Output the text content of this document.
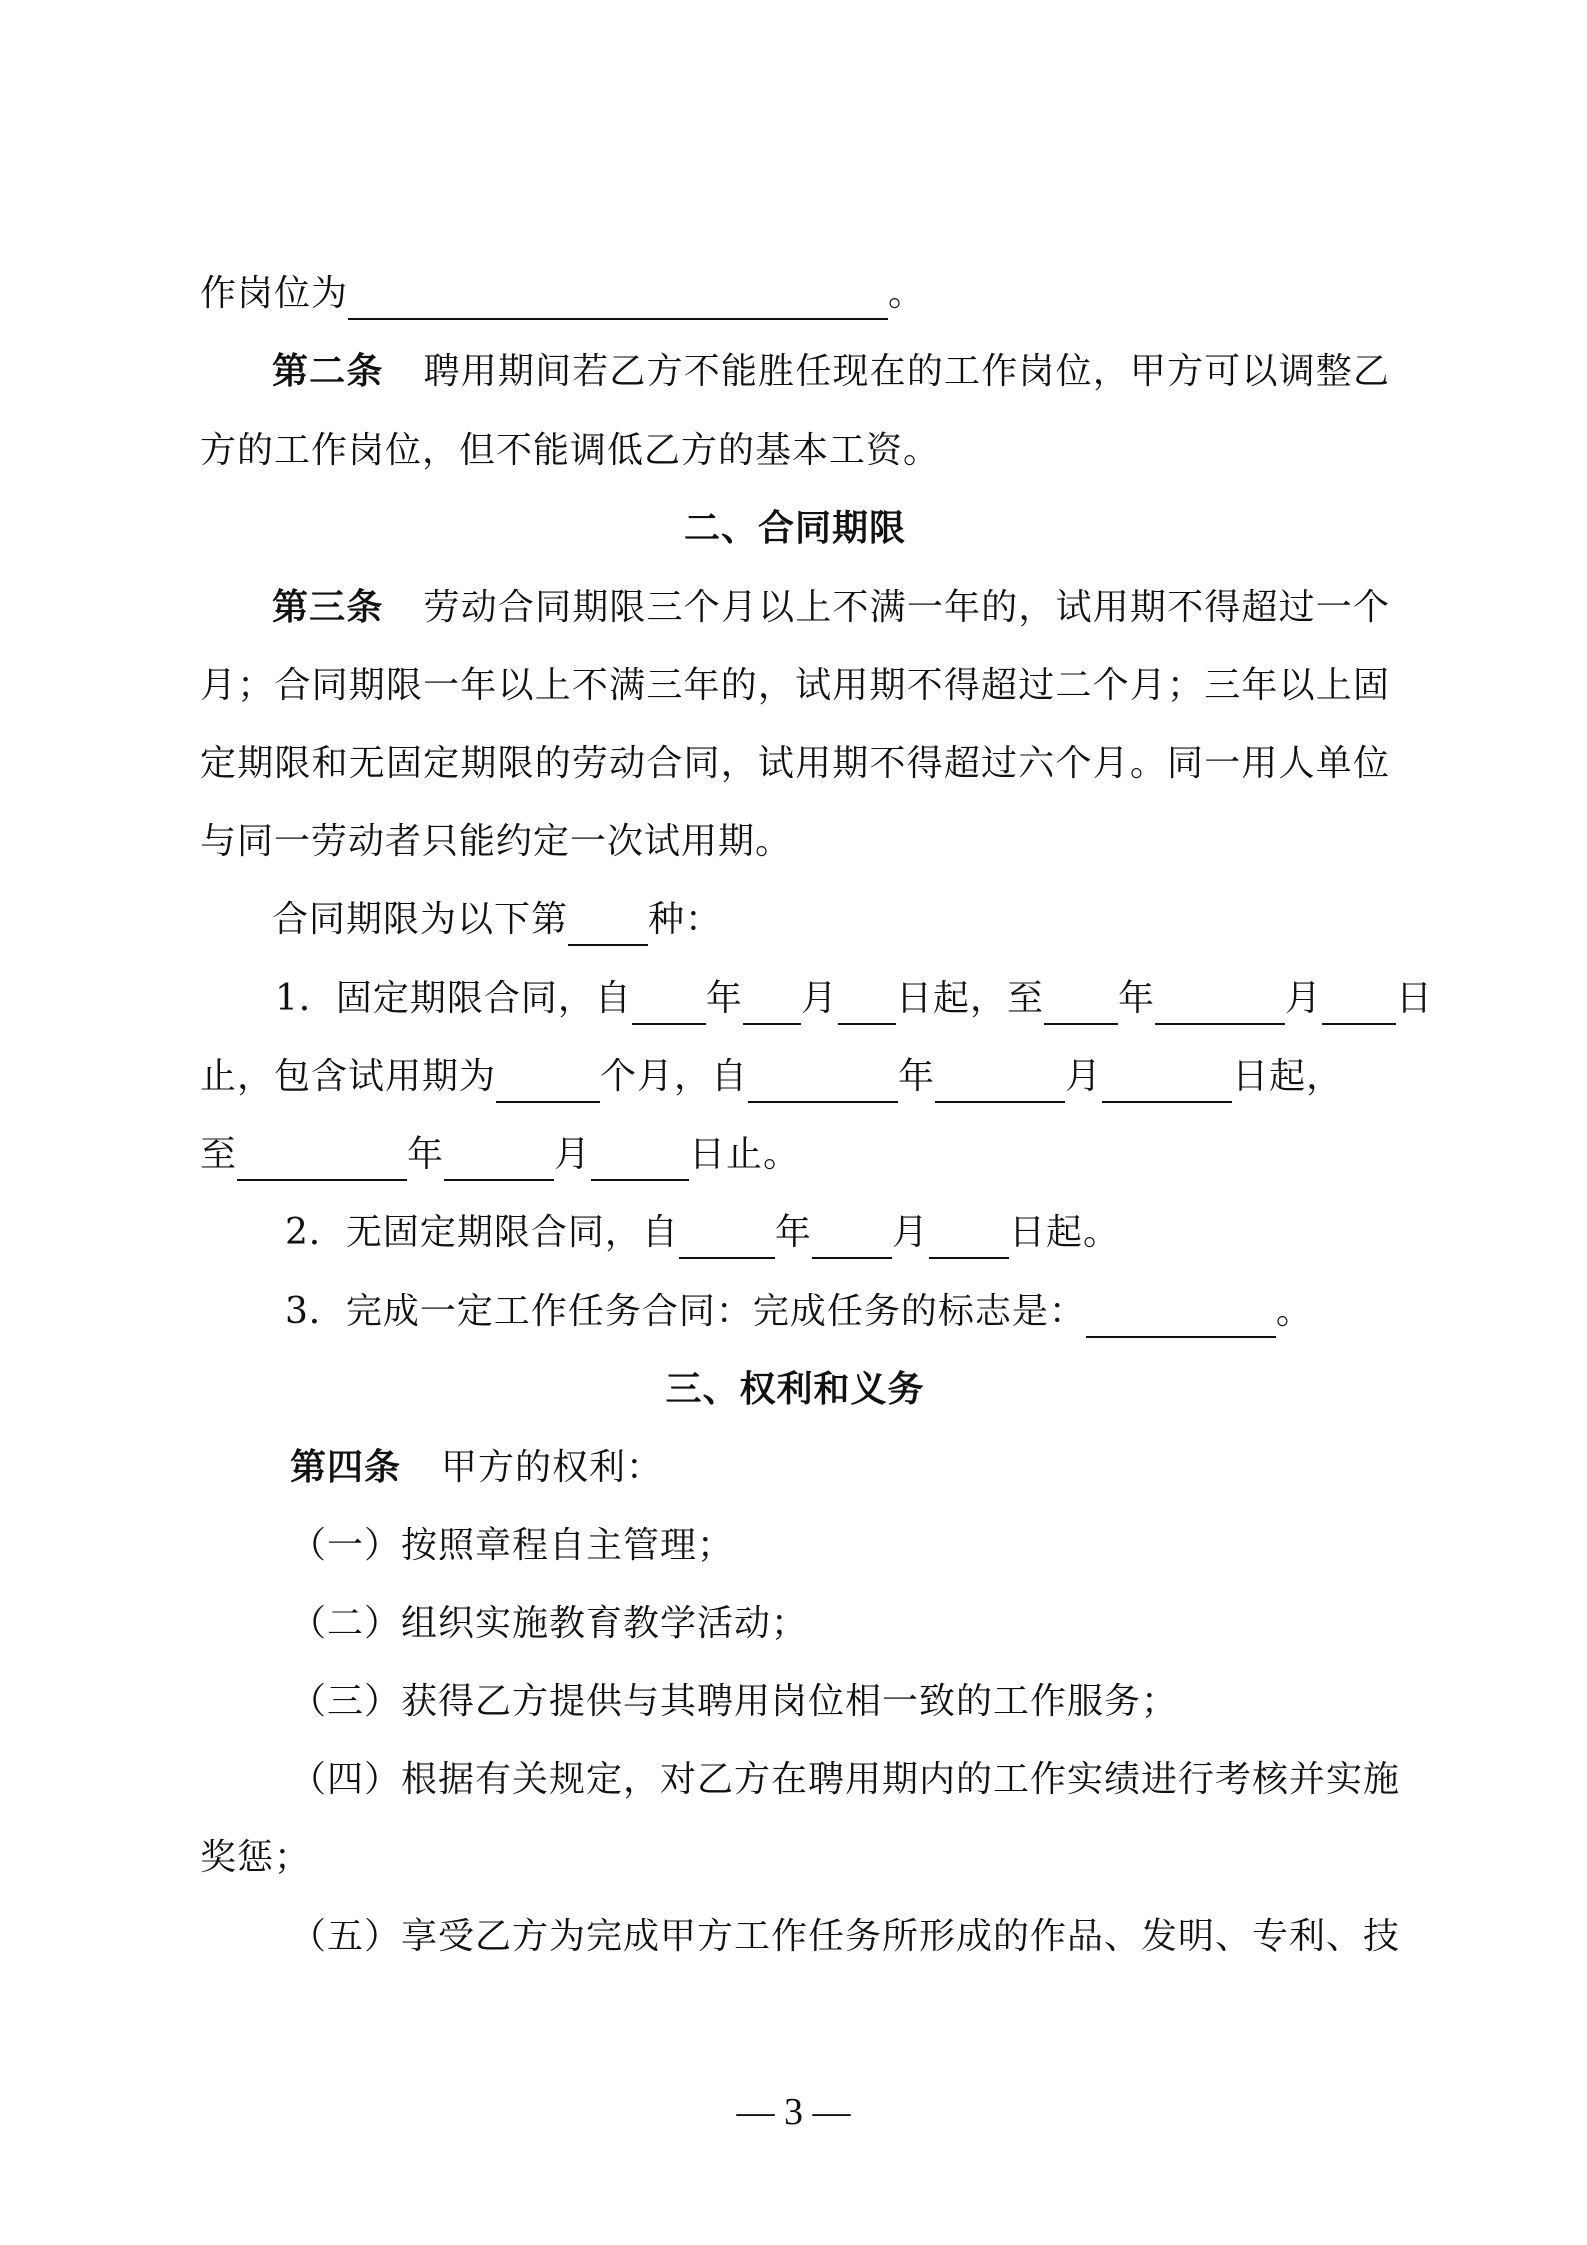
作岗位为	。
第二条 聘用期间若乙方不能胜任现在的工作岗位，甲方可以调整乙
方的工作岗位，但不能调低乙方的基本工资。
二、合同期限
第三条 劳动合同期限三个月以上不满一年的，试用期不得超过一个
月；合同期限一年以上不满三年的，试用期不得超过二个月；三年以上固
定期限和无固定期限的劳动合同，试用期不得超过六个月。同一用人单位
与同一劳动者只能约定一次试用期。
合同期限为以下第 种：
1．固定期限合同，自 年 月 日起，至 年	月 日
止，包含试用期为	个月，自	年	月	日起，
至	年	月	日止。
2．无固定期限合同，自	年 月 日起。
3．完成一定工作任务合同：完成任务的标志是：	。
三、权利和义务
第四条 甲方的权利：
（一）按照章程自主管理；
（二）组织实施教育教学活动；
（三）获得乙方提供与其聘用岗位相一致的工作服务；
（四）根据有关规定，对乙方在聘用期内的工作实绩进行考核并实施
奖惩；
（五）享受乙方为完成甲方工作任务所形成的作品、发明、专利、技
— 3 —
